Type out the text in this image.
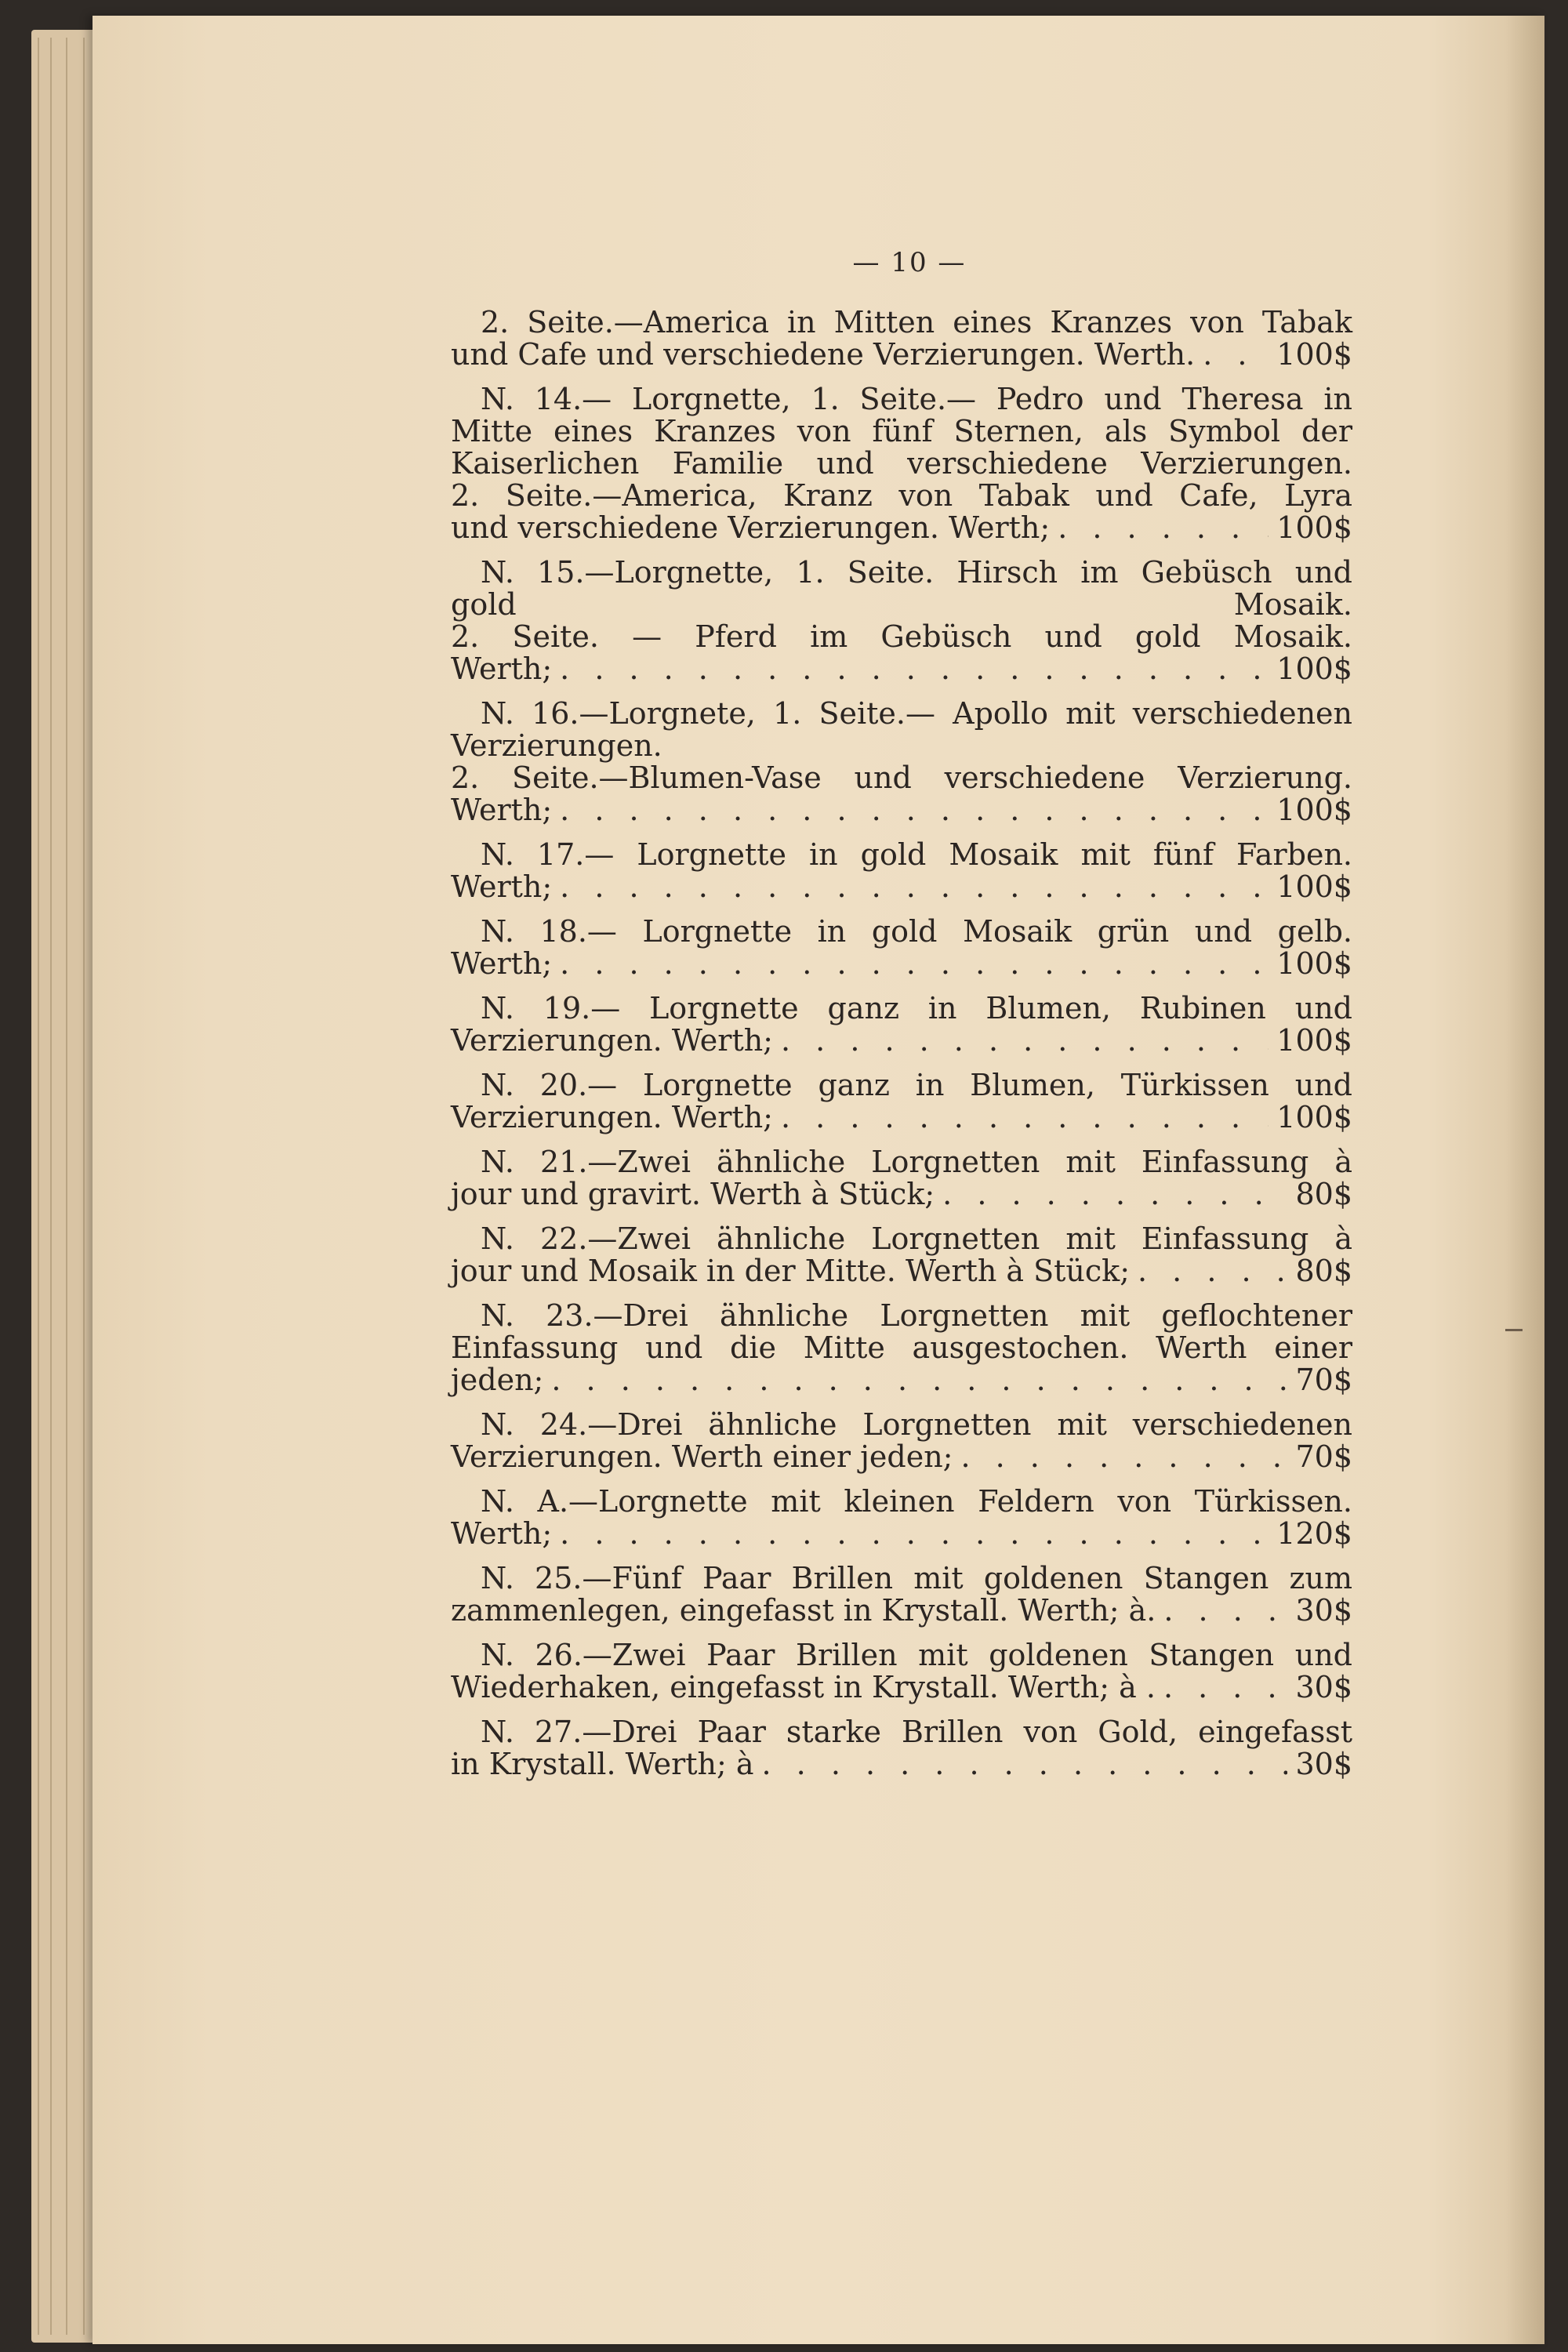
— 10 —
2. Seite.—America in Mitten eines Kranzes von Tabak
und Cafe und verschiedene Verzierungen. Werth. . . .	100$
N. 14.— Lorgnette, 1. Seite.— Pedro und Theresa in
Mitte eines Kranzes von fünf Sternen, als Symbol der
Kaiserlichen Familie und verschiedene Verzierungen.
2. Seite.—America, Kranz von Tabak und Cafe, Lyra
und verschiedene Verzierungen. Werth; . . .	100$
N. 15.—Lorgnette, 1. Seite. Hirsch im Gebüsch und
gold Mosaik.
2. Seite. — Pferd im Gebüsch und gold Mosaik.
Werth; . . .	100$
N. 16.—Lorgnete, 1. Seite.— Apollo mit verschiedenen
Verzierungen.
2. Seite.—Blumen-Vase und verschiedene Verzierung.
Werth; . . .	100$
N. 17.— Lorgnette in gold Mosaik mit fünf Farben.
Werth; . . .	100$
N. 18.— Lorgnette in gold Mosaik grün und gelb.
Werth; . . .	100$
N. 19.— Lorgnette ganz in Blumen, Rubinen und
Verzierungen. Werth; . . .	100$
N. 20.— Lorgnette ganz in Blumen, Türkissen und
Verzierungen. Werth; . . .	100$
N. 21.—Zwei ähnliche Lorgnetten mit Einfassung à
jour und gravirt. Werth à Stück; . . .	80$
N. 22.—Zwei ähnliche Lorgnetten mit Einfassung à
jour und Mosaik in der Mitte. Werth à Stück; . . .	80$
N. 23.—Drei ähnliche Lorgnetten mit geflochtener
Einfassung und die Mitte ausgestochen. Werth einer
jeden; . . .	70$
N. 24.—Drei ähnliche Lorgnetten mit verschiedenen
Verzierungen. Werth einer jeden; . . .	70$
N. A.—Lorgnette mit kleinen Feldern von Türkissen.
Werth; . . .	120$
N. 25.—Fünf Paar Brillen mit goldenen Stangen zum
zammenlegen, eingefasst in Krystall. Werth; à. . . .	30$
N. 26.—Zwei Paar Brillen mit goldenen Stangen und
Wiederhaken, eingefasst in Krystall. Werth; à . . . .	30$
N. 27.—Drei Paar starke Brillen von Gold, eingefasst
in Krystall. Werth; à . . .	30$
